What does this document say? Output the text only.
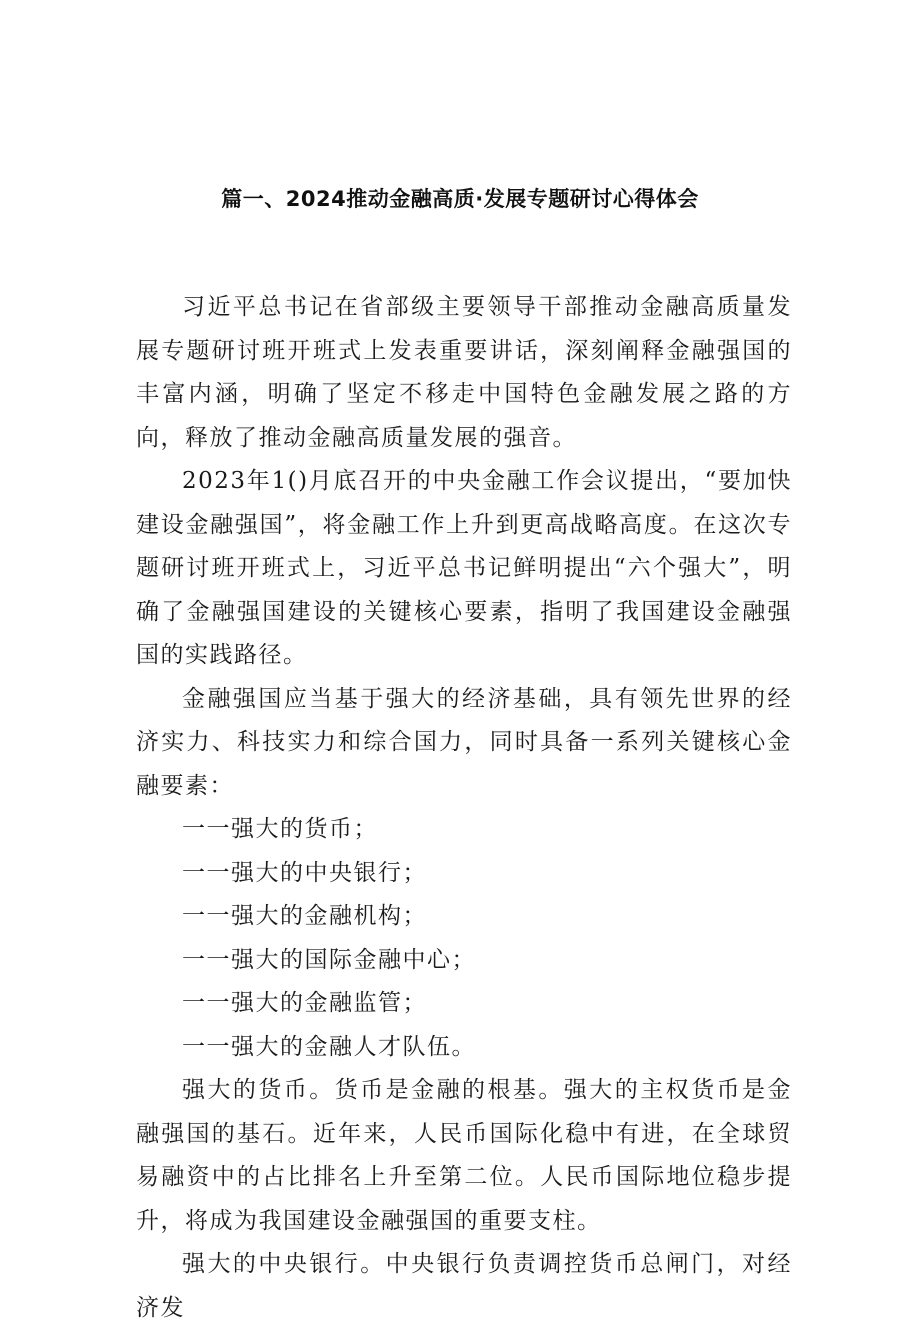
篇一、2024推动金融高质·发展专题研讨心得体会

习近平总书记在省部级主要领导干部推动金融高质量发展专题研讨班开班式上发表重要讲话，深刻阐释金融强国的丰富内涵，明确了坚定不移走中国特色金融发展之路的方向，释放了推动金融高质量发展的强音。

2023年1()月底召开的中央金融工作会议提出，“要加快建设金融强国”，将金融工作上升到更高战略高度。在这次专题研讨班开班式上，习近平总书记鲜明提出“六个强大”，明确了金融强国建设的关键核心要素，指明了我国建设金融强国的实践路径。

金融强国应当基于强大的经济基础，具有领先世界的经济实力、科技实力和综合国力，同时具备一系列关键核心金融要素：

一一强大的货币；

一一强大的中央银行；

一一强大的金融机构；

一一强大的国际金融中心；

一一强大的金融监管；

一一强大的金融人才队伍。

强大的货币。货币是金融的根基。强大的主权货币是金融强国的基石。近年来，人民币国际化稳中有进，在全球贸易融资中的占比排名上升至第二位。人民币国际地位稳步提升，将成为我国建设金融强国的重要支柱。

强大的中央银行。中央银行负责调控货币总闸门，对经济发
